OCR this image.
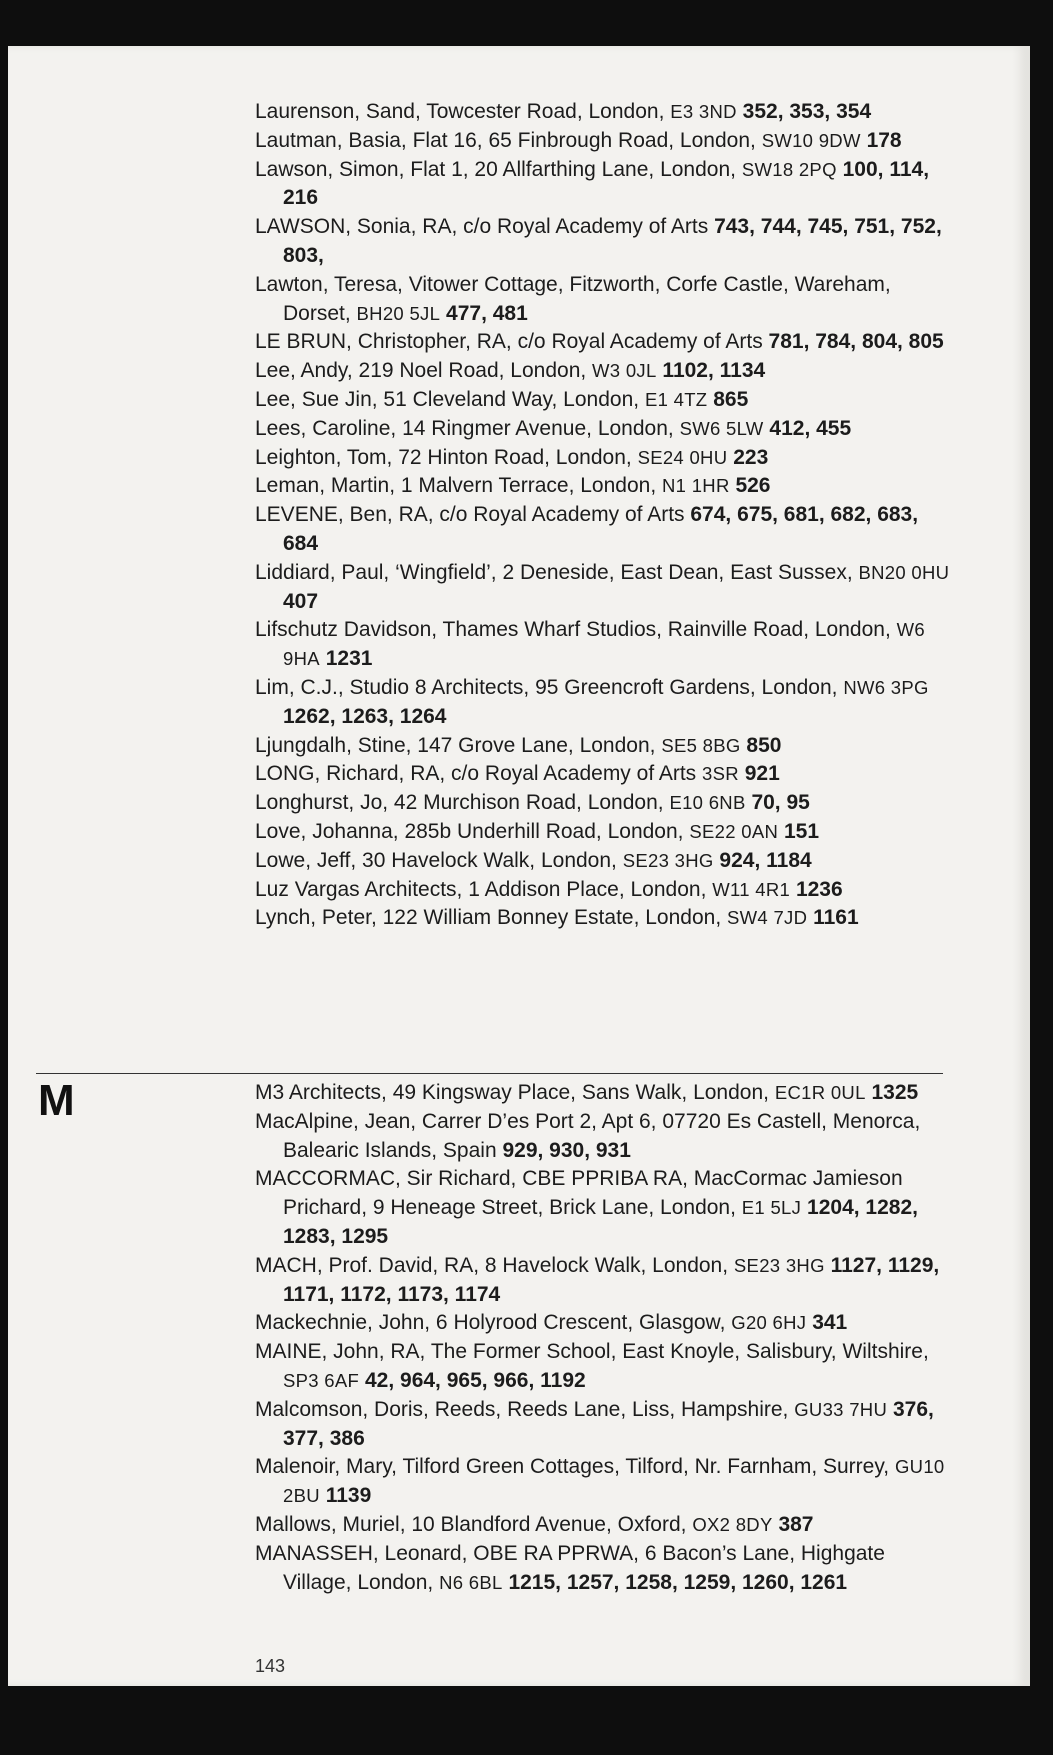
Laurenson, Sand, Towcester Road, London, E3 3ND 352, 353, 354
Lautman, Basia, Flat 16, 65 Finbrough Road, London, SW10 9DW 178
Lawson, Simon, Flat 1, 20 Allfarthing Lane, London, SW18 2PQ 100, 114, 216
LAWSON, Sonia, RA, c/o Royal Academy of Arts 743, 744, 745, 751, 752, 803,
Lawton, Teresa, Vitower Cottage, Fitzworth, Corfe Castle, Wareham, Dorset, BH20 5JL 477, 481
LE BRUN, Christopher, RA, c/o Royal Academy of Arts 781, 784, 804, 805
Lee, Andy, 219 Noel Road, London, W3 0JL 1102, 1134
Lee, Sue Jin, 51 Cleveland Way, London, E1 4TZ 865
Lees, Caroline, 14 Ringmer Avenue, London, SW6 5LW 412, 455
Leighton, Tom, 72 Hinton Road, London, SE24 0HU 223
Leman, Martin, 1 Malvern Terrace, London, N1 1HR 526
LEVENE, Ben, RA, c/o Royal Academy of Arts 674, 675, 681, 682, 683, 684
Liddiard, Paul, ‘Wingfield’, 2 Deneside, East Dean, East Sussex, BN20 0HU 407
Lifschutz Davidson, Thames Wharf Studios, Rainville Road, London, W6 9HA 1231
Lim, C.J., Studio 8 Architects, 95 Greencroft Gardens, London, NW6 3PG 1262, 1263, 1264
Ljungdalh, Stine, 147 Grove Lane, London, SE5 8BG 850
LONG, Richard, RA, c/o Royal Academy of Arts 3SR 921
Longhurst, Jo, 42 Murchison Road, London, E10 6NB 70, 95
Love, Johanna, 285b Underhill Road, London, SE22 0AN 151
Lowe, Jeff, 30 Havelock Walk, London, SE23 3HG 924, 1184
Luz Vargas Architects, 1 Addison Place, London, W11 4R1 1236
Lynch, Peter, 122 William Bonney Estate, London, SW4 7JD 1161
M	M3 Architects, 49 Kingsway Place, Sans Walk, London, EC1R 0UL 1325
MacAlpine, Jean, Carrer D’es Port 2, Apt 6, 07720 Es Castell, Menorca, Balearic Islands, Spain 929, 930, 931
MACCORMAC, Sir Richard, CBE PPRIBA RA, MacCormac Jamieson Prichard, 9 Heneage Street, Brick Lane, London, E1 5LJ 1204, 1282, 1283, 1295
MACH, Prof. David, RA, 8 Havelock Walk, London, SE23 3HG 1127, 1129, 1171, 1172, 1173, 1174
Mackechnie, John, 6 Holyrood Crescent, Glasgow, G20 6HJ 341
MAINE, John, RA, The Former School, East Knoyle, Salisbury, Wiltshire, SP3 6AF 42, 964, 965, 966, 1192
Malcomson, Doris, Reeds, Reeds Lane, Liss, Hampshire, GU33 7HU 376, 377, 386
Malenoir, Mary, Tilford Green Cottages, Tilford, Nr. Farnham, Surrey, GU10 2BU 1139
Mallows, Muriel, 10 Blandford Avenue, Oxford, OX2 8DY 387
MANASSEH, Leonard, OBE RA PPRWA, 6 Bacon’s Lane, Highgate Village, London, N6 6BL 1215, 1257, 1258, 1259, 1260, 1261
143
